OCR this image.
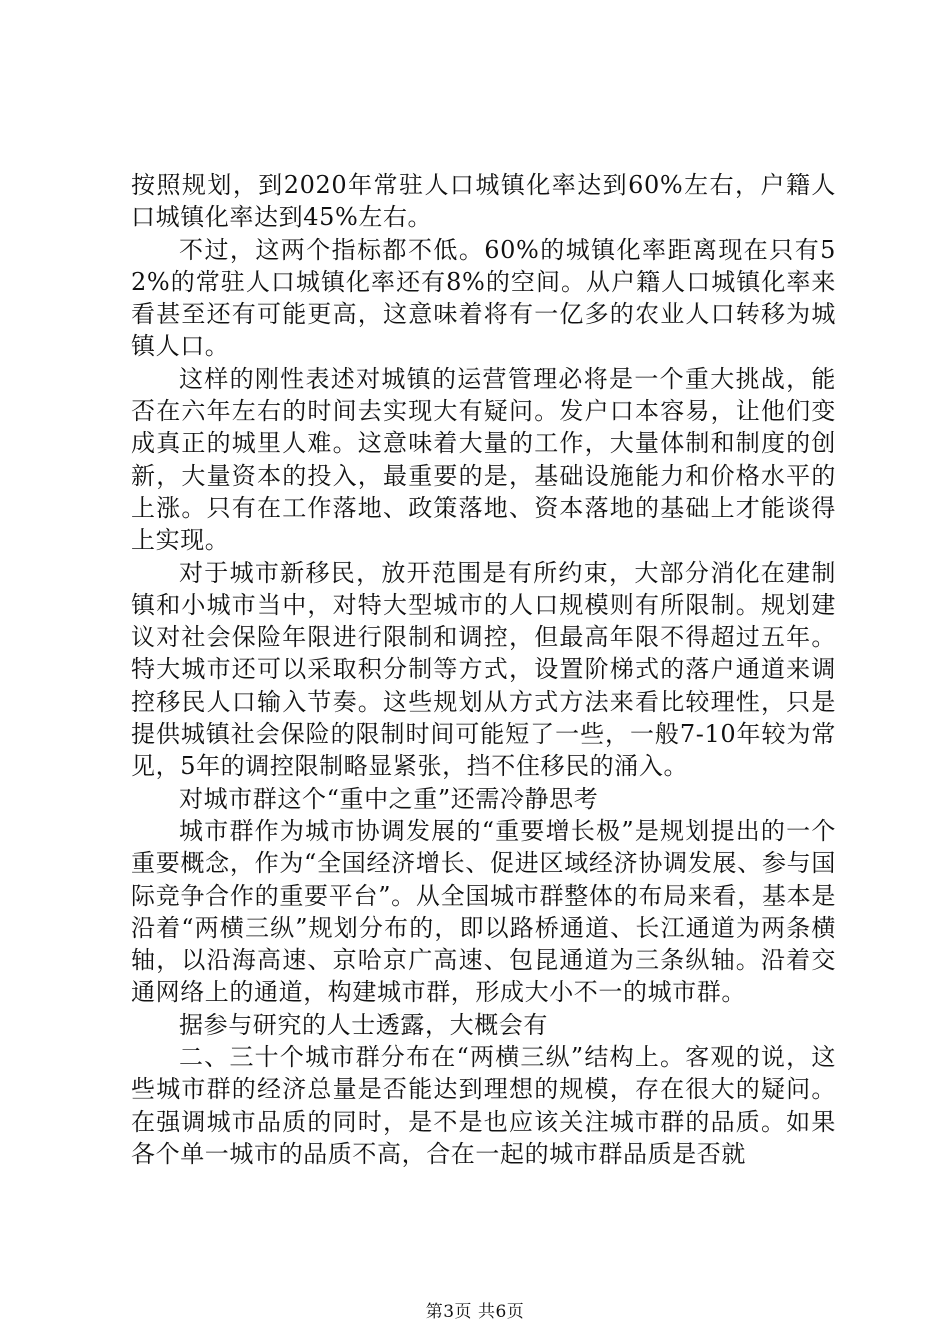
按照规划，到2020年常驻人口城镇化率达到60%左右，户籍人口城镇化率达到45%左右。

不过，这两个指标都不低。60%的城镇化率距离现在只有52%的常驻人口城镇化率还有8%的空间。从户籍人口城镇化率来看甚至还有可能更高，这意味着将有一亿多的农业人口转移为城镇人口。

这样的刚性表述对城镇的运营管理必将是一个重大挑战，能否在六年左右的时间去实现大有疑问。发户口本容易，让他们变成真正的城里人难。这意味着大量的工作，大量体制和制度的创新，大量资本的投入，最重要的是，基础设施能力和价格水平的上涨。只有在工作落地、政策落地、资本落地的基础上才能谈得上实现。

对于城市新移民，放开范围是有所约束，大部分消化在建制镇和小城市当中，对特大型城市的人口规模则有所限制。规划建议对社会保险年限进行限制和调控，但最高年限不得超过五年。特大城市还可以采取积分制等方式，设置阶梯式的落户通道来调控移民人口输入节奏。这些规划从方式方法来看比较理性，只是提供城镇社会保险的限制时间可能短了一些，一般7-10年较为常见，5年的调控限制略显紧张，挡不住移民的涌入。

对城市群这个“重中之重”还需冷静思考

城市群作为城市协调发展的“重要增长极”是规划提出的一个重要概念，作为“全国经济增长、促进区域经济协调发展、参与国际竞争合作的重要平台”。从全国城市群整体的布局来看，基本是沿着“两横三纵”规划分布的，即以路桥通道、长江通道为两条横轴，以沿海高速、京哈京广高速、包昆通道为三条纵轴。沿着交通网络上的通道，构建城市群，形成大小不一的城市群。

据参与研究的人士透露，大概会有

二、三十个城市群分布在“两横三纵”结构上。客观的说，这些城市群的经济总量是否能达到理想的规模，存在很大的疑问。在强调城市品质的同时，是不是也应该关注城市群的品质。如果各个单一城市的品质不高，合在一起的城市群品质是否就

第3页 共6页
